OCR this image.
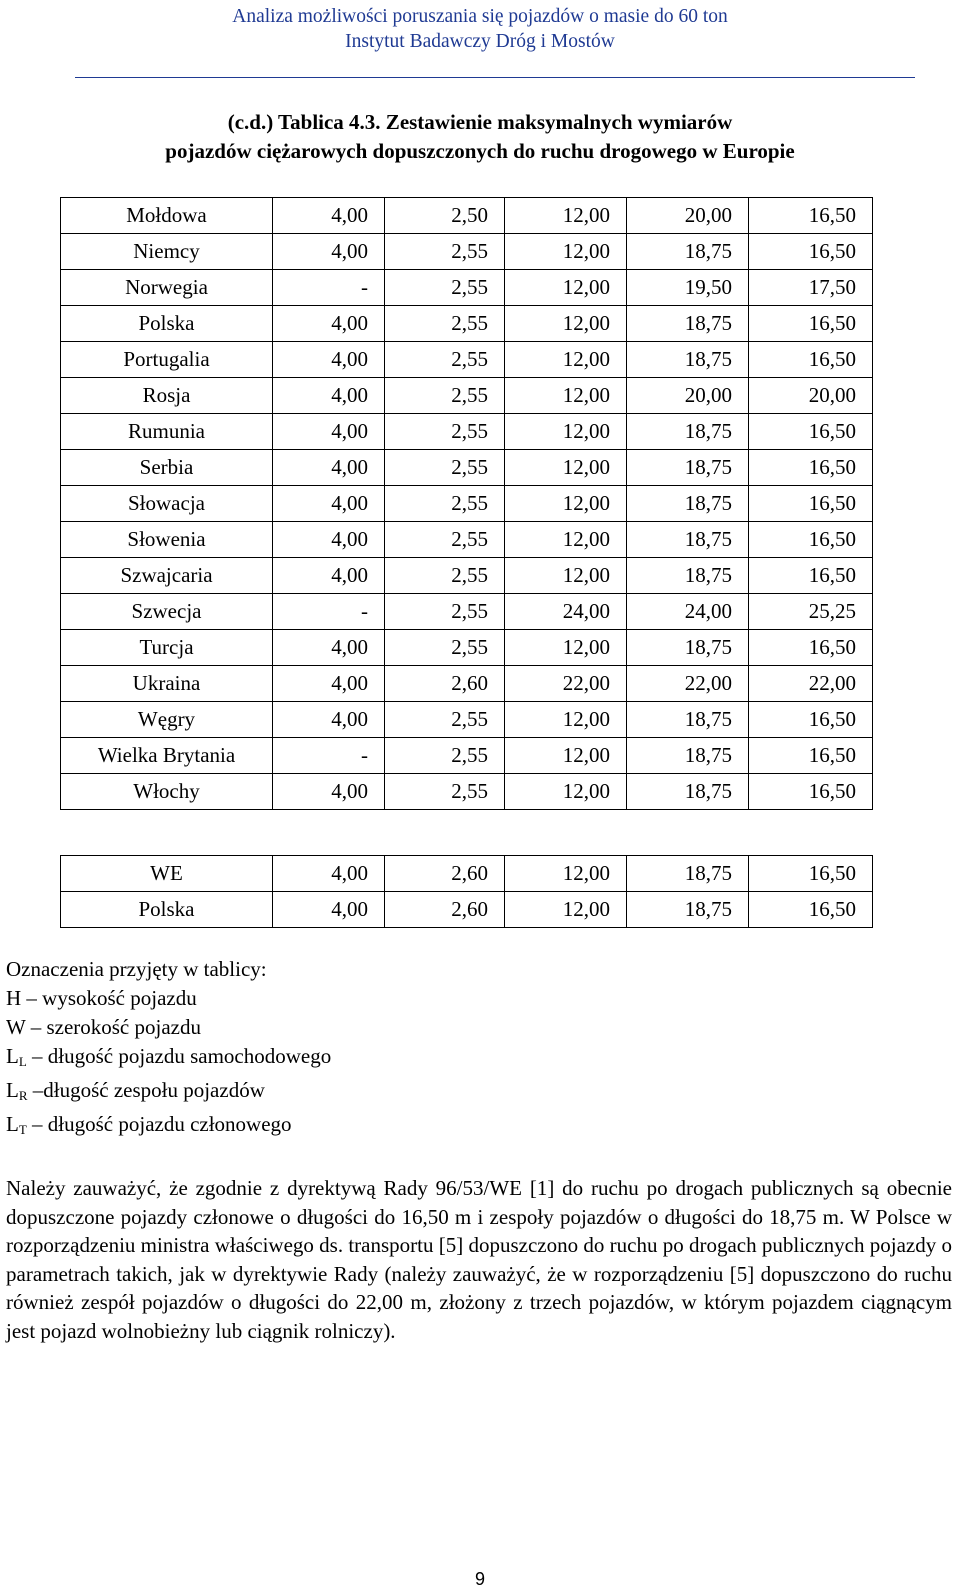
Analiza możliwości poruszania się pojazdów o masie do 60 ton
Instytut Badawczy Dróg i Mostów
(c.d.) Tablica 4.3. Zestawienie maksymalnych wymiarów
pojazdów ciężarowych dopuszczonych do ruchu drogowego w Europie
Mołdowa	4,00	2,50	12,00	20,00	16,50
Niemcy	4,00	2,55	12,00	18,75	16,50
Norwegia	-	2,55	12,00	19,50	17,50
Polska	4,00	2,55	12,00	18,75	16,50
Portugalia	4,00	2,55	12,00	18,75	16,50
Rosja	4,00	2,55	12,00	20,00	20,00
Rumunia	4,00	2,55	12,00	18,75	16,50
Serbia	4,00	2,55	12,00	18,75	16,50
Słowacja	4,00	2,55	12,00	18,75	16,50
Słowenia	4,00	2,55	12,00	18,75	16,50
Szwajcaria	4,00	2,55	12,00	18,75	16,50
Szwecja	-	2,55	24,00	24,00	25,25
Turcja	4,00	2,55	12,00	18,75	16,50
Ukraina	4,00	2,60	22,00	22,00	22,00
Węgry	4,00	2,55	12,00	18,75	16,50
Wielka Brytania	-	2,55	12,00	18,75	16,50
Włochy	4,00	2,55	12,00	18,75	16,50
WE	4,00	2,60	12,00	18,75	16,50
Polska	4,00	2,60	12,00	18,75	16,50
Oznaczenia przyjęty w tablicy:
H – wysokość pojazdu
W – szerokość pojazdu
$L_L$ – długość pojazdu samochodowego
$L_R$ –długość zespołu pojazdów
$L_T$ – długość pojazdu członowego
Należy zauważyć, że zgodnie z dyrektywą Rady 96/53/WE [1] do ruchu po drogach publicznych są obecnie dopuszczone pojazdy członowe o długości do 16,50 m i zespoły pojazdów o długości do 18,75 m. W Polsce w rozporządzeniu ministra właściwego ds. transportu [5] dopuszczono do ruchu po drogach publicznych pojazdy o parametrach takich, jak w dyrektywie Rady (należy zauważyć, że w rozporządzeniu [5] dopuszczono do ruchu również zespół pojazdów o długości do 22,00 m, złożony z trzech pojazdów, w którym pojazdem ciągnącym jest pojazd wolnobieżny lub ciągnik rolniczy).
9
